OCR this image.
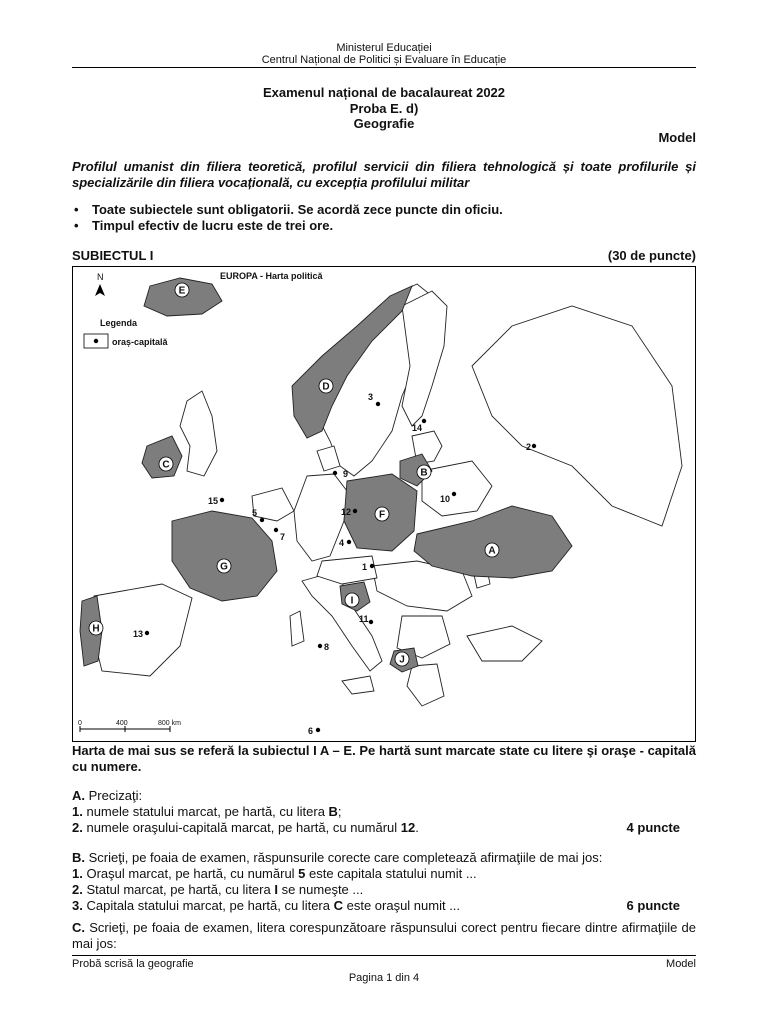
Ministerul Educației
Centrul Național de Politici și Evaluare în Educație
Examenul național de bacalaureat 2022
Proba E. d)
Geografie
Model
Profilul umanist din filiera teoretică, profilul servicii din filiera tehnologică și toate profilurile și specializările din filiera vocațională, cu excepția profilului militar
• Toate subiectele sunt obligatorii. Se acordă zece puncte din oficiu.
• Timpul efectiv de lucru este de trei ore.
SUBIECTUL I	(30 de puncte)
EUROPA - Harta politică
N
Legenda
oraș-capitală
0	400	800 km
A
B
C
D
E
F
G
H
I
J
1
2
3
4
5
6
7
8
9
10
11
12
13
14
15
Harta de mai sus se referă la subiectul I A – E. Pe hartă sunt marcate state cu litere şi oraşe - capitală cu numere.
A. Precizaţi:
1. numele statului marcat, pe hartă, cu litera B;
2. numele oraşului-capitală marcat, pe hartă, cu numărul 12.	4 puncte
B. Scrieţi, pe foaia de examen, răspunsurile corecte care completează afirmaţiile de mai jos:
1. Oraşul marcat, pe hartă, cu numărul 5 este capitala statului numit ...
2. Statul marcat, pe hartă, cu litera I se numeşte ...
3. Capitala statului marcat, pe hartă, cu litera C este oraşul numit ...	6 puncte
C. Scrieţi, pe foaia de examen, litera corespunzătoare răspunsului corect pentru fiecare dintre afirmaţiile de mai jos:
Probă scrisă la geografie	Model
Pagina 1 din 4
